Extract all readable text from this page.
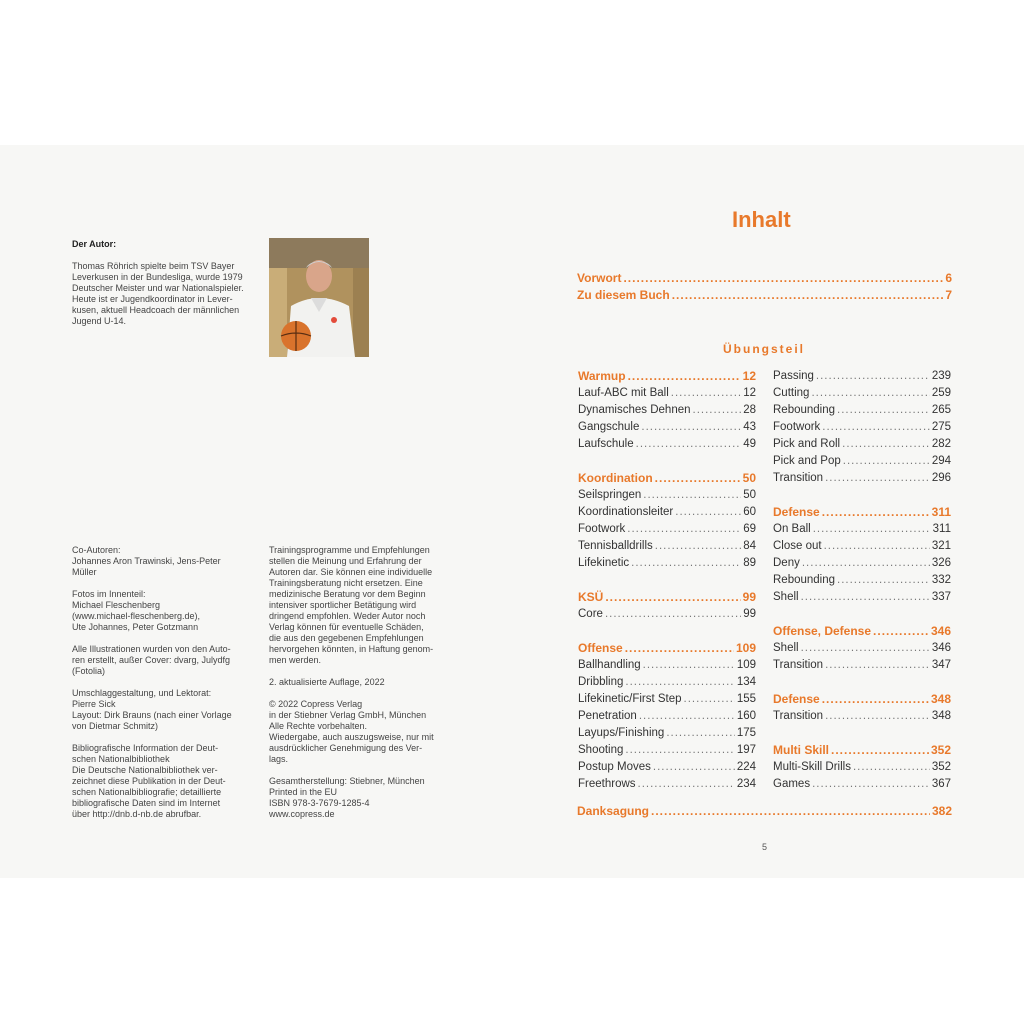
Der Autor:
Thomas Röhrich spielte beim TSV Bayer
Leverkusen in der Bundesliga, wurde 1979
Deutscher Meister und war Nationalspieler.
Heute ist er Jugendkoordinator in Lever-
kusen, aktuell Headcoach der männlichen
Jugend U-14.
Co-Autoren:
Johannes Aron Trawinski, Jens-Peter
Müller
Fotos im Innenteil:
Michael Fleschenberg
(www.michael-fleschenberg.de),
Ute Johannes, Peter Gotzmann
Alle Illustrationen wurden von den Auto-
ren erstellt, außer Cover: dvarg, Julydfg
(Fotolia)
Umschlaggestaltung, und Lektorat:
Pierre Sick
Layout: Dirk Brauns (nach einer Vorlage
von Dietmar Schmitz)
Bibliografische Information der Deut-
schen Nationalbibliothek
Die Deutsche Nationalbibliothek ver-
zeichnet diese Publikation in der Deut-
schen Nationalbibliografie; detaillierte
bibliografische Daten sind im Internet
über http://dnb.d-nb.de abrufbar.
Trainingsprogramme und Empfehlungen
stellen die Meinung und Erfahrung der
Autoren dar. Sie können eine individuelle
Trainingsberatung nicht ersetzen. Eine
medizinische Beratung vor dem Beginn
intensiver sportlicher Betätigung wird
dringend empfohlen. Weder Autor noch
Verlag können für eventuelle Schäden,
die aus den gegebenen Empfehlungen
hervorgehen könnten, in Haftung genom-
men werden.
2. aktualisierte Auflage, 2022
© 2022 Copress Verlag
in der Stiebner Verlag GmbH, München
Alle Rechte vorbehalten.
Wiedergabe, auch auszugsweise, nur mit
ausdrücklicher Genehmigung des Ver-
lags.
Gesamtherstellung: Stiebner, München
Printed in the EU
ISBN 978-3-7679-1285-4
www.copress.de
Inhalt
Vorwort .....	6
Zu diesem Buch .....	7
Übungsteil
Warmup .....	12
Lauf-ABC mit Ball .....	12
Dynamisches Dehnen .....	28
Gangschule .....	43
Laufschule .....	49
Koordination .....	50
Seilspringen .....	50
Koordinationsleiter .....	60
Footwork .....	69
Tennisballdrills .....	84
Lifekinetic .....	89
KSÜ .....	99
Core .....	99
Offense .....	109
Ballhandling .....	109
Dribbling .....	134
Lifekinetic/First Step .....	155
Penetration .....	160
Layups/Finishing .....	175
Shooting .....	197
Postup Moves .....	224
Freethrows .....	234
Passing .....	239
Cutting .....	259
Rebounding .....	265
Footwork .....	275
Pick and Roll .....	282
Pick and Pop .....	294
Transition .....	296
Defense .....	311
On Ball .....	311
Close out .....	321
Deny .....	326
Rebounding .....	332
Shell .....	337
Offense, Defense .....	346
Shell .....	346
Transition .....	347
Defense .....	348
Transition .....	348
Multi Skill .....	352
Multi-Skill Drills .....	352
Games .....	367
Danksagung .....	382
5
